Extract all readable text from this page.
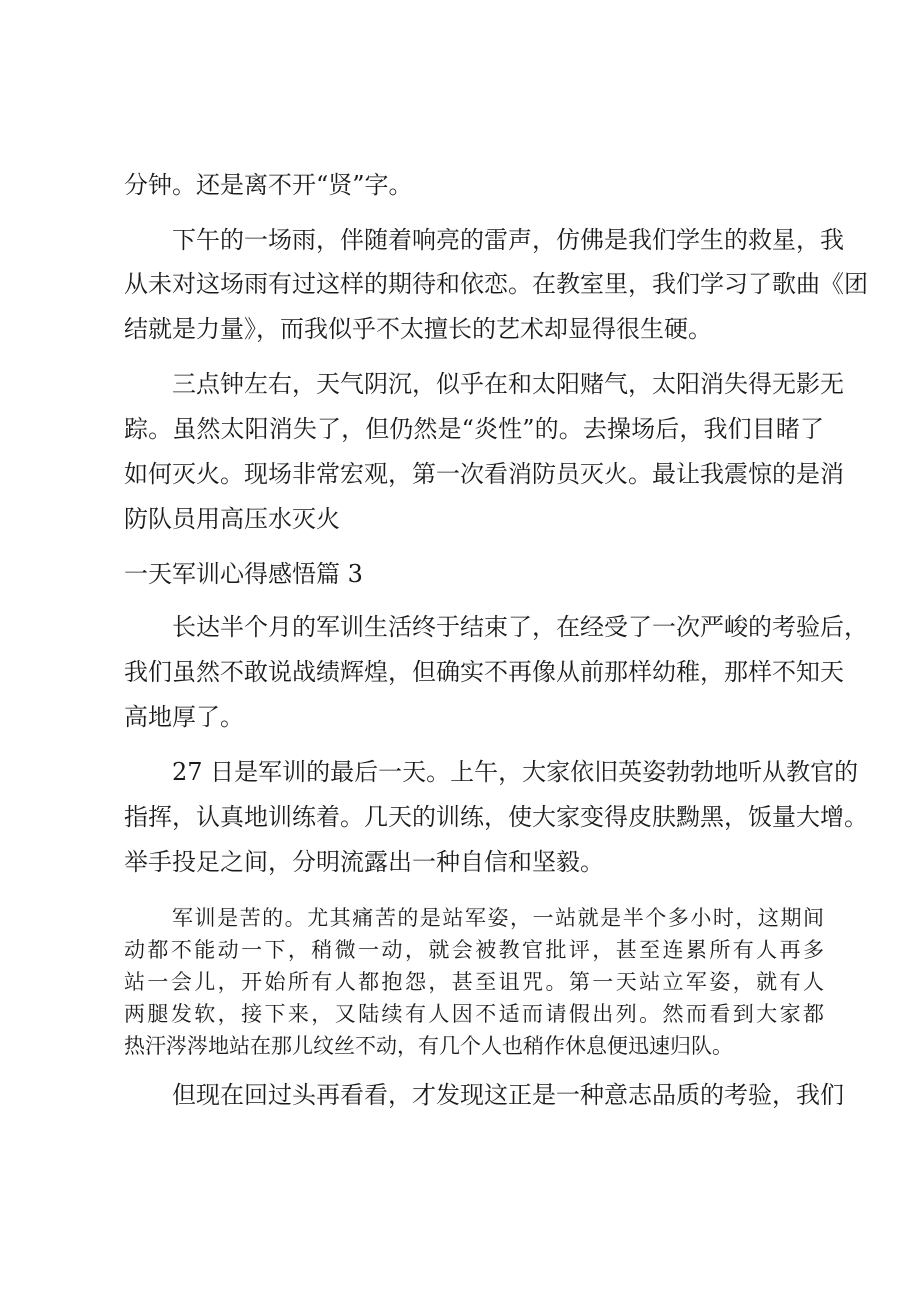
分钟。还是离不开“贤”字。
下午的一场雨，伴随着响亮的雷声，仿佛是我们学生的救星，我
从未对这场雨有过这样的期待和依恋。在教室里，我们学习了歌曲《团
结就是力量》，而我似乎不太擅长的艺术却显得很生硬。
三点钟左右，天气阴沉，似乎在和太阳赌气，太阳消失得无影无
踪。虽然太阳消失了，但仍然是“炎性”的。去操场后，我们目睹了
如何灭火。现场非常宏观，第一次看消防员灭火。最让我震惊的是消
防队员用高压水灭火
一天军训心得感悟篇 3
长达半个月的军训生活终于结束了，在经受了一次严峻的考验后，
我们虽然不敢说战绩辉煌，但确实不再像从前那样幼稚，那样不知天
高地厚了。
27 日是军训的最后一天。上午，大家依旧英姿勃勃地听从教官的
指挥，认真地训练着。几天的训练，使大家变得皮肤黝黑，饭量大增。
举手投足之间，分明流露出一种自信和坚毅。
军训是苦的。尤其痛苦的是站军姿，一站就是半个多小时，这期间
动都不能动一下，稍微一动，就会被教官批评，甚至连累所有人再多
站一会儿，开始所有人都抱怨，甚至诅咒。第一天站立军姿，就有人
两腿发软，接下来，又陆续有人因不适而请假出列。然而看到大家都
热汗涔涔地站在那儿纹丝不动，有几个人也稍作休息便迅速归队。
但现在回过头再看看，才发现这正是一种意志品质的考验，我们
